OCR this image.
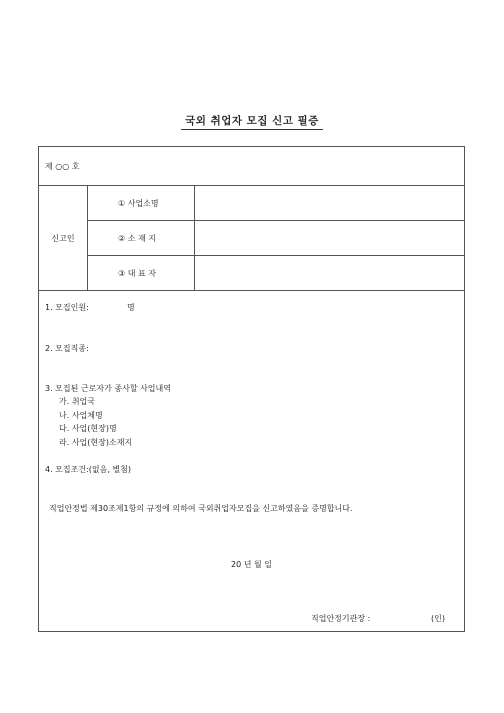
국외 취업자 모집 신고 필증
제 ○○ 호
신고인
① 사업소명
② 소 재 지
③ 대 표 자
1. 모집인원:	명
2. 모집직종:
3. 모집된 근로자가 종사할 사업내역
가. 취업국
나. 사업체명
다. 사업(현장)명
라. 사업(현장)소재지
4. 모집조건:(없음, 별첨)
직업안정법 제30조제1항의 규정에 의하여 국외취업자모집을 신고하였음을 증명합니다.
20 년 월 일
직업안정기관장 :	(인)
